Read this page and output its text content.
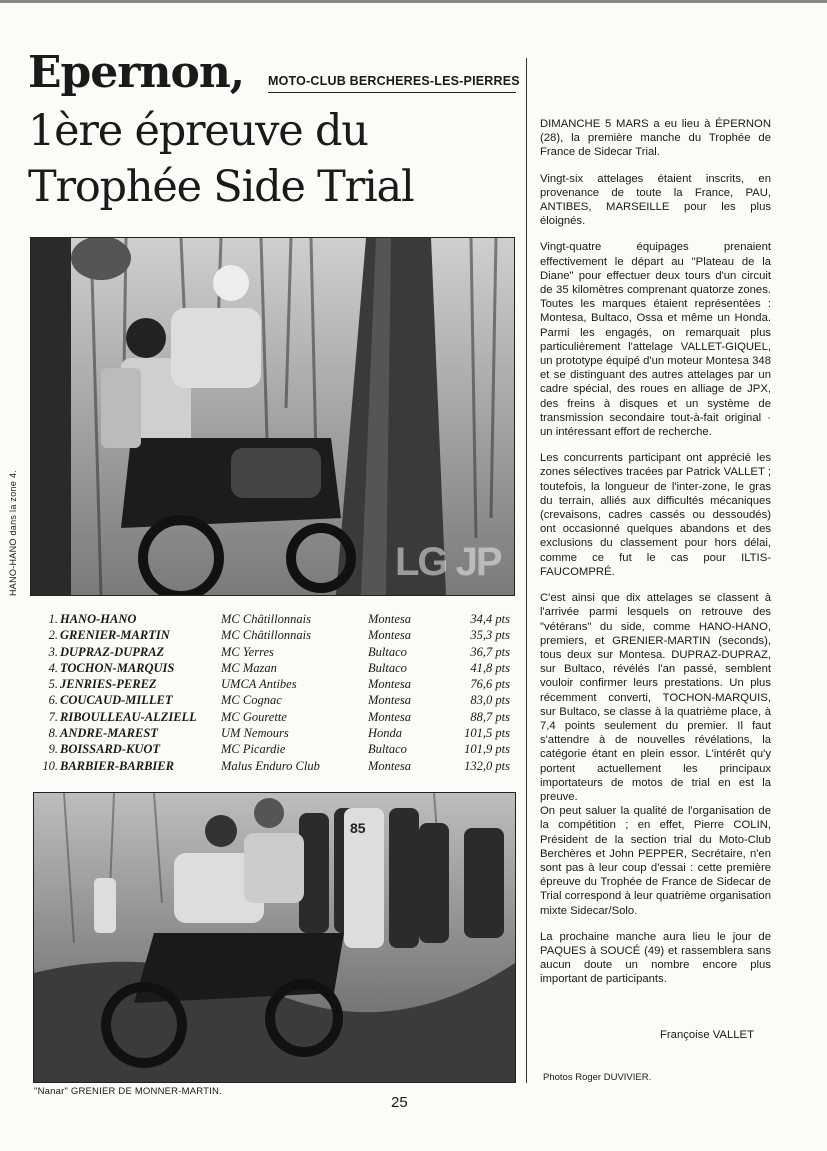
Epernon, MOTO-CLUB BERCHERES-LES-PIERRES
1ère épreuve du
Trophée Side Trial
HANO-HANO dans la zone 4.	LG JP
1. HANO-HANO	MC Châtillonnais	Montesa	34,4 pts
2. GRENIER-MARTIN	MC Châtillonnais	Montesa	35,3 pts
3. DUPRAZ-DUPRAZ	MC Yerres	Bultaco	36,7 pts
4. TOCHON-MARQUIS	MC Mazan	Bultaco	41,8 pts
5. JENRIES-PEREZ	UMCA Antibes	Montesa	76,6 pts
6. COUCAUD-MILLET	MC Cognac	Montesa	83,0 pts
7. RIBOULLEAU-ALZIELL MC Gourette	Montesa	88,7 pts
8. ANDRE-MAREST	UM Nemours	Honda	101,5 pts
9. BOISSARD-KUOT	MC Picardie	Bultaco	101,9 pts
10. BARBIER-BARBIER	Malus Enduro Club	Montesa	132,0 pts
85
"Nanar" GRENIER DE MONNER-MARTIN.
25

DIMANCHE 5 MARS a eu lieu à ÉPERNON (28), la première manche du Trophée de France de Sidecar Trial.

Vingt-six attelages étaient inscrits, en provenance de toute la France, PAU, ANTIBES, MARSEILLE pour les plus éloignés.

Vingt-quatre équipages prenaient effectivement le départ au "Plateau de la Diane" pour effectuer deux tours d'un circuit de 35 kilomètres comprenant quatorze zones. Toutes les marques étaient représentées : Montesa, Bultaco, Ossa et même un Honda. Parmi les engagés, on remarquait plus particulièrement l'attelage VALLET-GIQUEL, un prototype équipé d'un moteur Montesa 348 et se distinguant des autres attelages par un cadre spécial, des roues en alliage de JPX, des freins à disques et un système de transmission secondaire tout-à-fait original · un intéressant effort de recherche.

Les concurrents participant ont apprécié les zones sélectives tracées par Patrick VALLET ; toutefois, la longueur de l'inter-zone, le gras du terrain, alliés aux difficultés mécaniques (crevaisons, cadres cassés ou dessoudés) ont occasionné quelques abandons et des exclusions du classement pour hors délai, comme ce fut le cas pour ILTIS-FAUCOMPRÉ.

C'est ainsi que dix attelages se classent à l'arrivée parmi lesquels on retrouve des "vétérans" du side, comme HANO-HANO, premiers, et GRENIER-MARTIN (seconds), tous deux sur Montesa. DUPRAZ-DUPRAZ, sur Bultaco, révélés l'an passé, semblent vouloir confirmer leurs prestations. Un plus récemment converti, TOCHON-MARQUIS, sur Bultaco, se classe à la quatrième place, à 7,4 points seulement du premier. Il faut s'attendre à de nouvelles révélations, la catégorie étant en plein essor. L'intérêt qu'y portent actuellement les principaux importateurs de motos de trial en est la preuve.

On peut saluer la qualité de l'organisation de la compétition ; en effet, Pierre COLIN, Président de la section trial du Moto-Club Berchères et John PEPPER, Secrétaire, n'en sont pas à leur coup d'essai : cette première épreuve du Trophée de France de Sidecar de Trial correspond à leur quatrième organisation mixte Sidecar/Solo.

La prochaine manche aura lieu le jour de PAQUES à SOUCÉ (49) et rassemblera sans aucun doute un nombre encore plus important de participants.

Françoise VALLET
Photos Roger DUVIVIER.
